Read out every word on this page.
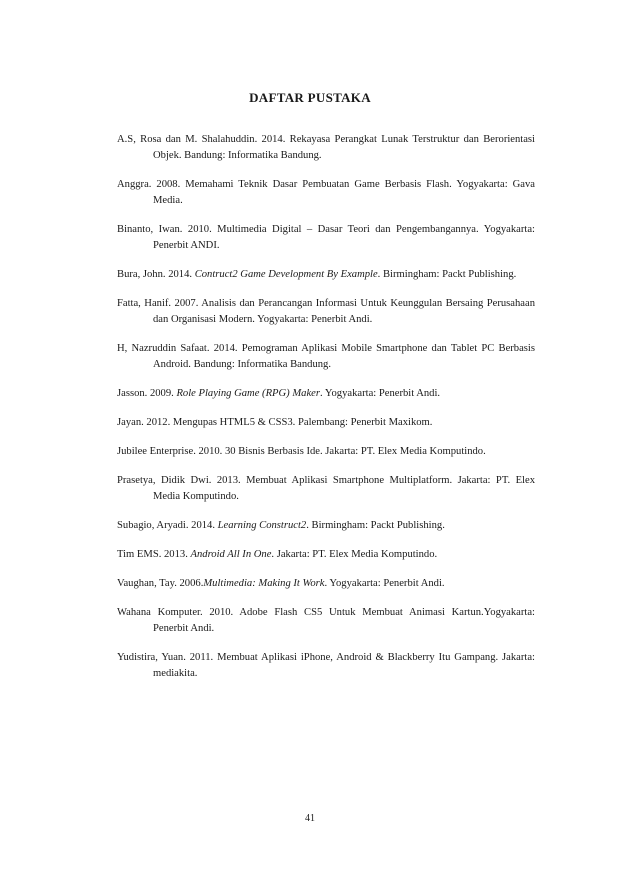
DAFTAR PUSTAKA

A.S, Rosa dan M. Shalahuddin. 2014. Rekayasa Perangkat Lunak Terstruktur dan Berorientasi Objek. Bandung: Informatika Bandung.

Anggra. 2008. Memahami Teknik Dasar Pembuatan Game Berbasis Flash. Yogyakarta: Gava Media.

Binanto, Iwan. 2010. Multimedia Digital – Dasar Teori dan Pengembangannya. Yogyakarta: Penerbit ANDI.

Bura, John. 2014. Contruct2 Game Development By Example. Birmingham: Packt Publishing.

Fatta, Hanif. 2007. Analisis dan Perancangan Informasi Untuk Keunggulan Bersaing Perusahaan dan Organisasi Modern. Yogyakarta: Penerbit Andi.

H, Nazruddin Safaat. 2014. Pemograman Aplikasi Mobile Smartphone dan Tablet PC Berbasis Android. Bandung: Informatika Bandung.

Jasson. 2009. Role Playing Game (RPG) Maker. Yogyakarta: Penerbit Andi.

Jayan. 2012. Mengupas HTML5 & CSS3. Palembang: Penerbit Maxikom.

Jubilee Enterprise. 2010. 30 Bisnis Berbasis Ide. Jakarta: PT. Elex Media Komputindo.

Prasetya, Didik Dwi. 2013. Membuat Aplikasi Smartphone Multiplatform. Jakarta: PT. Elex Media Komputindo.

Subagio, Aryadi. 2014. Learning Construct2. Birmingham: Packt Publishing.

Tim EMS. 2013. Android All In One. Jakarta: PT. Elex Media Komputindo.

Vaughan, Tay. 2006.Multimedia: Making It Work. Yogyakarta: Penerbit Andi.

Wahana Komputer. 2010. Adobe Flash CS5 Untuk Membuat Animasi Kartun.Yogyakarta: Penerbit Andi.

Yudistira, Yuan. 2011. Membuat Aplikasi iPhone, Android & Blackberry Itu Gampang. Jakarta: mediakita.

41
